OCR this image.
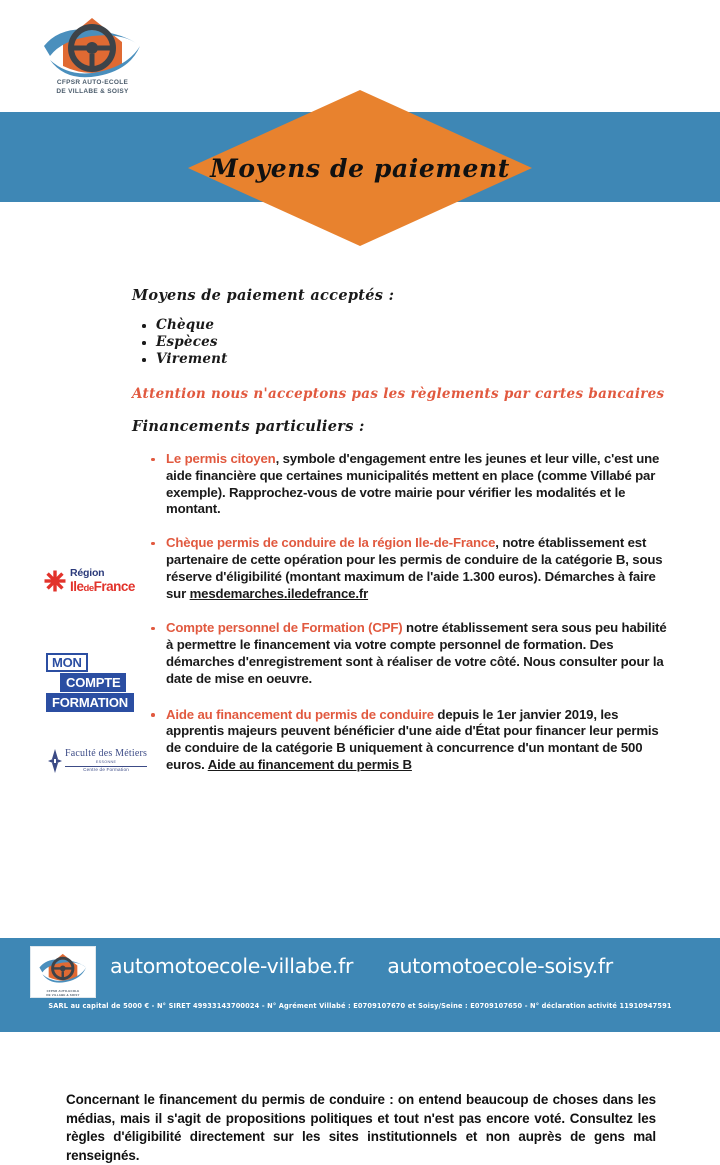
CFPSR AUTO-ECOLE
DE VILLABE & SOISY
Moyens de paiement
Moyens de paiement acceptés :
Chèque
Espèces
Virement
Attention nous n'acceptons pas les règlements par cartes bancaires
Financements particuliers :
Le permis citoyen, symbole d'engagement entre les jeunes et leur ville, c'est une aide financière que certaines municipalités mettent en place (comme Villabé par exemple). Rapprochez-vous de votre mairie pour vérifier les modalités et le montant.
Chèque permis de conduire de la région Ile-de-France, notre établissement est partenaire de cette opération pour les permis de conduire de la catégorie B, sous réserve d'éligibilité (montant maximum de l'aide 1.300 euros). Démarches à faire sur mesdemarches.iledefrance.fr
Compte personnel de Formation (CPF) notre établissement sera sous peu habilité à permettre le financement via votre compte personnel de formation. Des démarches d'enregistrement sont à réaliser de votre côté. Nous consulter pour la date de mise en oeuvre.
Aide au financement du permis de conduire depuis le 1er janvier 2019, les apprentis majeurs peuvent bénéficier d'une aide d'État pour financer leur permis de conduire de la catégorie B uniquement à concurrence d'un montant de 500 euros. Aide au financement du permis B
Concernant le financement du permis de conduire : on entend beaucoup de choses dans les médias, mais il s'agit de propositions politiques et tout n'est pas encore voté. Consultez les règles d'éligibilité directement sur les sites institutionnels et non auprès de gens mal renseignés.
Région
IledeFrance
MON
COMPTE
FORMATION
Faculté des Métiers
ESSONNE
Centre de Formation
CFPSR AUTO-ECOLE
DE VILLABE & SOISY
automotoecole-villabe.fr automotoecole-soisy.fr
SARL au capital de 5000 € - N° SIRET 49933143700024 - N° Agrément Villabé : E0709107670 et Soisy/Seine : E0709107650 - N° déclaration activité 11910947591
